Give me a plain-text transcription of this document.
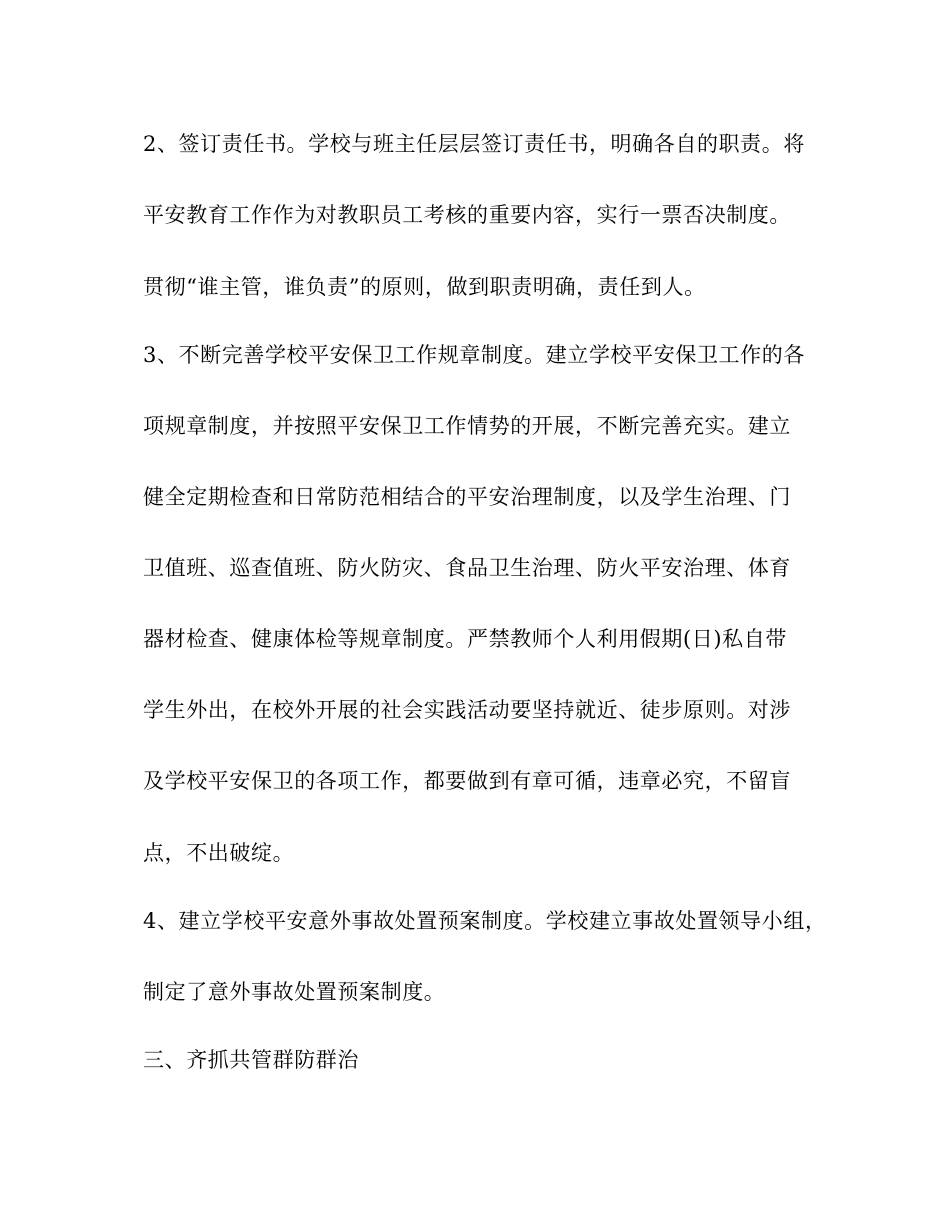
2、签订责任书。学校与班主任层层签订责任书，明确各自的职责。将
平安教育工作作为对教职员工考核的重要内容，实行一票否决制度。
贯彻“谁主管，谁负责”的原则，做到职责明确，责任到人。
3、不断完善学校平安保卫工作规章制度。建立学校平安保卫工作的各
项规章制度，并按照平安保卫工作情势的开展，不断完善充实。建立
健全定期检查和日常防范相结合的平安治理制度，以及学生治理、门
卫值班、巡查值班、防火防灾、食品卫生治理、防火平安治理、体育
器材检查、健康体检等规章制度。严禁教师个人利用假期(日)私自带
学生外出，在校外开展的社会实践活动要坚持就近、徒步原则。对涉
及学校平安保卫的各项工作，都要做到有章可循，违章必究，不留盲
点，不出破绽。
4、建立学校平安意外事故处置预案制度。学校建立事故处置领导小组，
制定了意外事故处置预案制度。
三、齐抓共管群防群治
